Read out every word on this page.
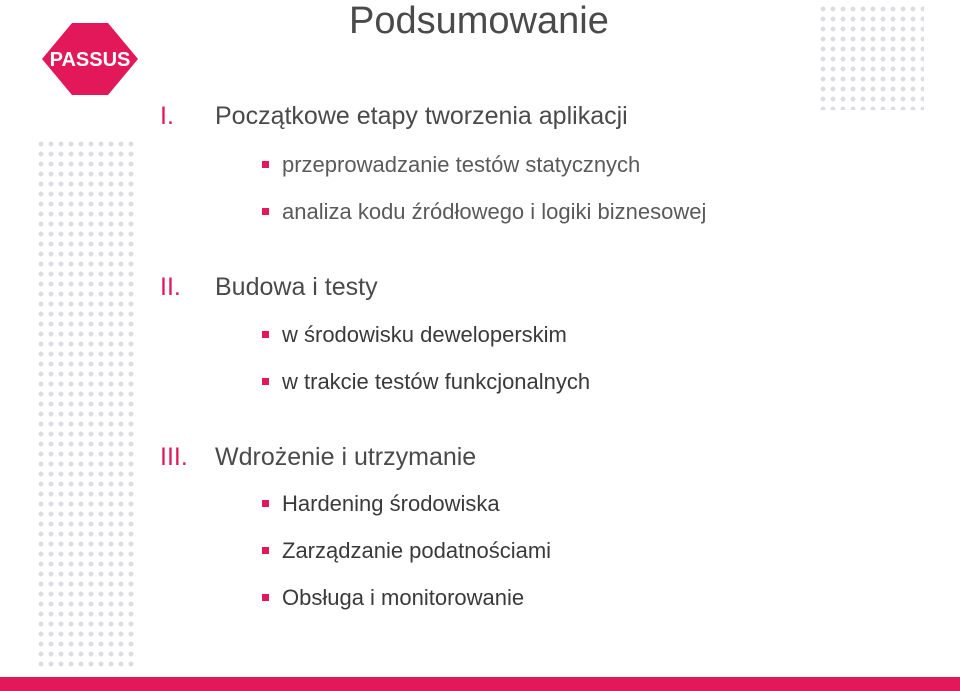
Podsumowanie
PASSUS
I. Początkowe etapy tworzenia aplikacji
przeprowadzanie testów statycznych
analiza kodu źródłowego i logiki biznesowej
II. Budowa i testy
w środowisku deweloperskim
w trakcie testów funkcjonalnych
III. Wdrożenie i utrzymanie
Hardening środowiska
Zarządzanie podatnościami
Obsługa i monitorowanie
